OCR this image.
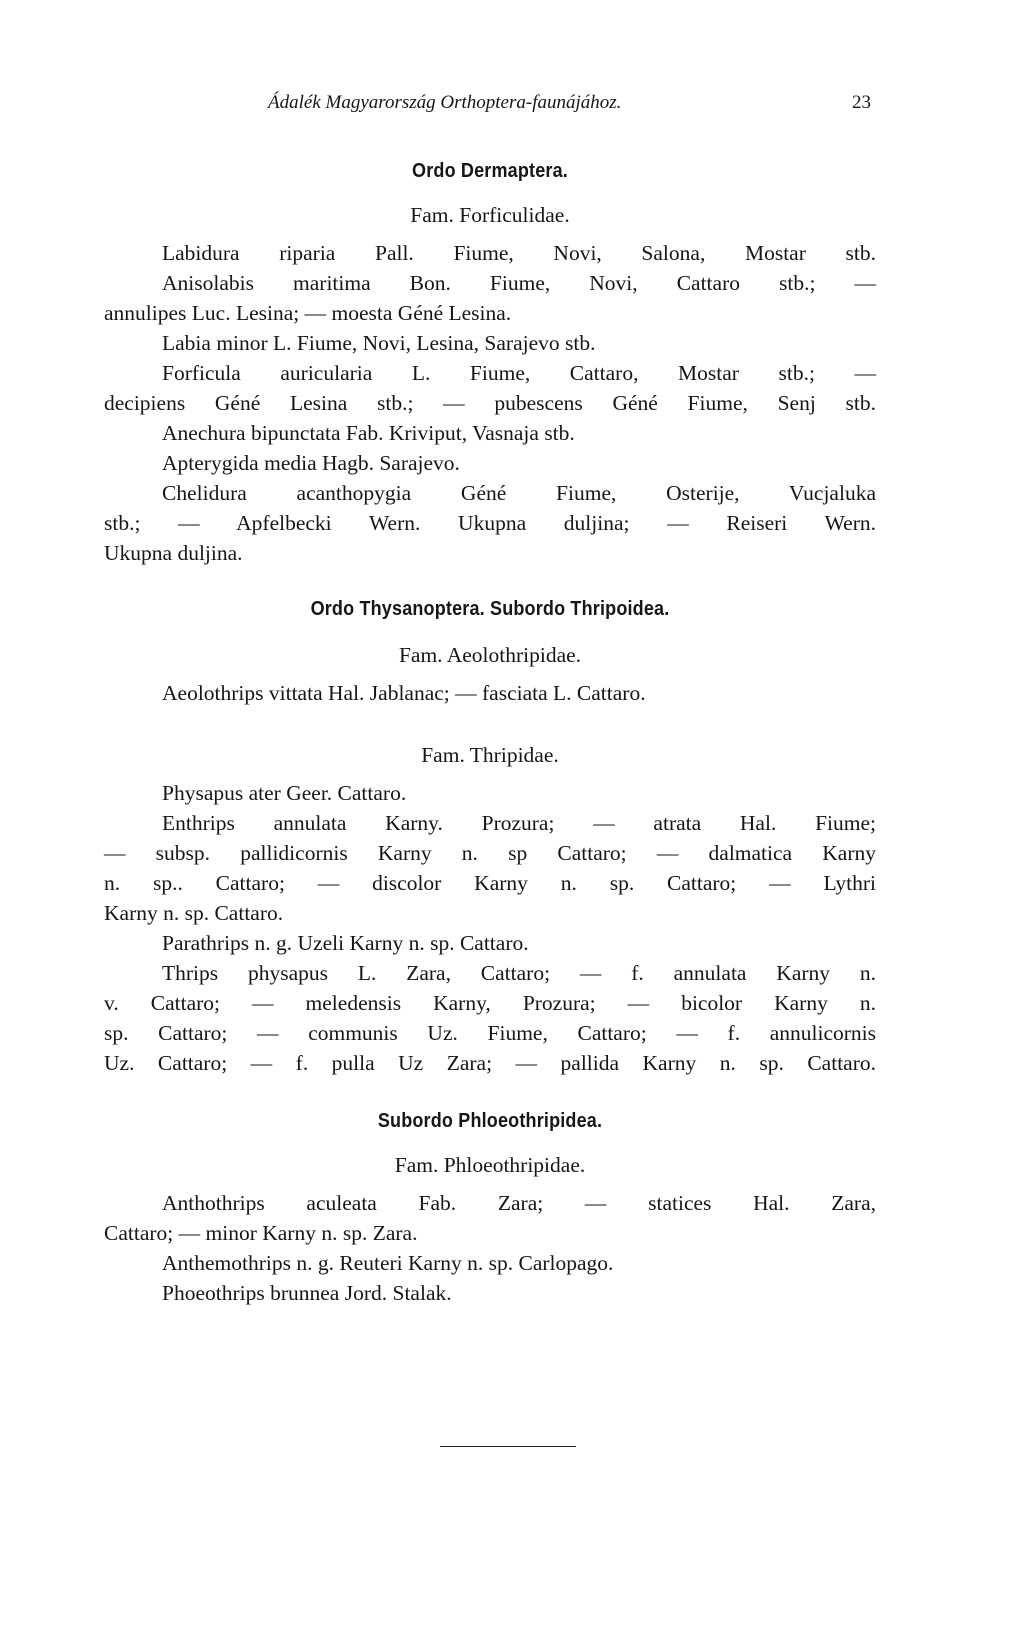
Ádalék Magyarország Orthoptera-faunájához.	23
Ordo Dermaptera.
Fam. Forficulidae.
Labidura riparia Pall. Fiume, Novi, Salona, Mostar stb.
Anisolabis maritima Bon. Fiume, Novi, Cattaro stb.; —
annulipes Luc. Lesina; — moesta Géné Lesina.
Labia minor L. Fiume, Novi, Lesina, Sarajevo stb.
Forficula auricularia L. Fiume, Cattaro, Mostar stb.; —
decipiens Géné Lesina stb.; — pubescens Géné Fiume, Senj stb.
Anechura bipunctata Fab. Kriviput, Vasnaja stb.
Apterygida media Hagb. Sarajevo.
Chelidura acanthopygia Géné Fiume, Osterije, Vucjaluka
stb.; — Apfelbecki Wern. Ukupna duljina; — Reiseri Wern.
Ukupna duljina.
Ordo Thysanoptera. Subordo Thripoidea.
Fam. Aeolothripidae.
Aeolothrips vittata Hal. Jablanac; — fasciata L. Cattaro.
Fam. Thripidae.
Physapus ater Geer. Cattaro.
Enthrips annulata Karny. Prozura; — atrata Hal. Fiume;
— subsp. pallidicornis Karny n. sp Cattaro; — dalmatica Karny
n. sp.. Cattaro; — discolor Karny n. sp. Cattaro; — Lythri
Karny n. sp. Cattaro.
Parathrips n. g. Uzeli Karny n. sp. Cattaro.
Thrips physapus L. Zara, Cattaro; — f. annulata Karny n.
v. Cattaro; — meledensis Karny, Prozura; — bicolor Karny n.
sp. Cattaro; — communis Uz. Fiume, Cattaro; — f. annulicornis
Uz. Cattaro; — f. pulla Uz Zara; — pallida Karny n. sp. Cattaro.
Subordo Phloeothripidea.
Fam. Phloeothripidae.
Anthothrips aculeata Fab. Zara; — statices Hal. Zara,
Cattaro; — minor Karny n. sp. Zara.
Anthemothrips n. g. Reuteri Karny n. sp. Carlopago.
Phoeothrips brunnea Jord. Stalak.
